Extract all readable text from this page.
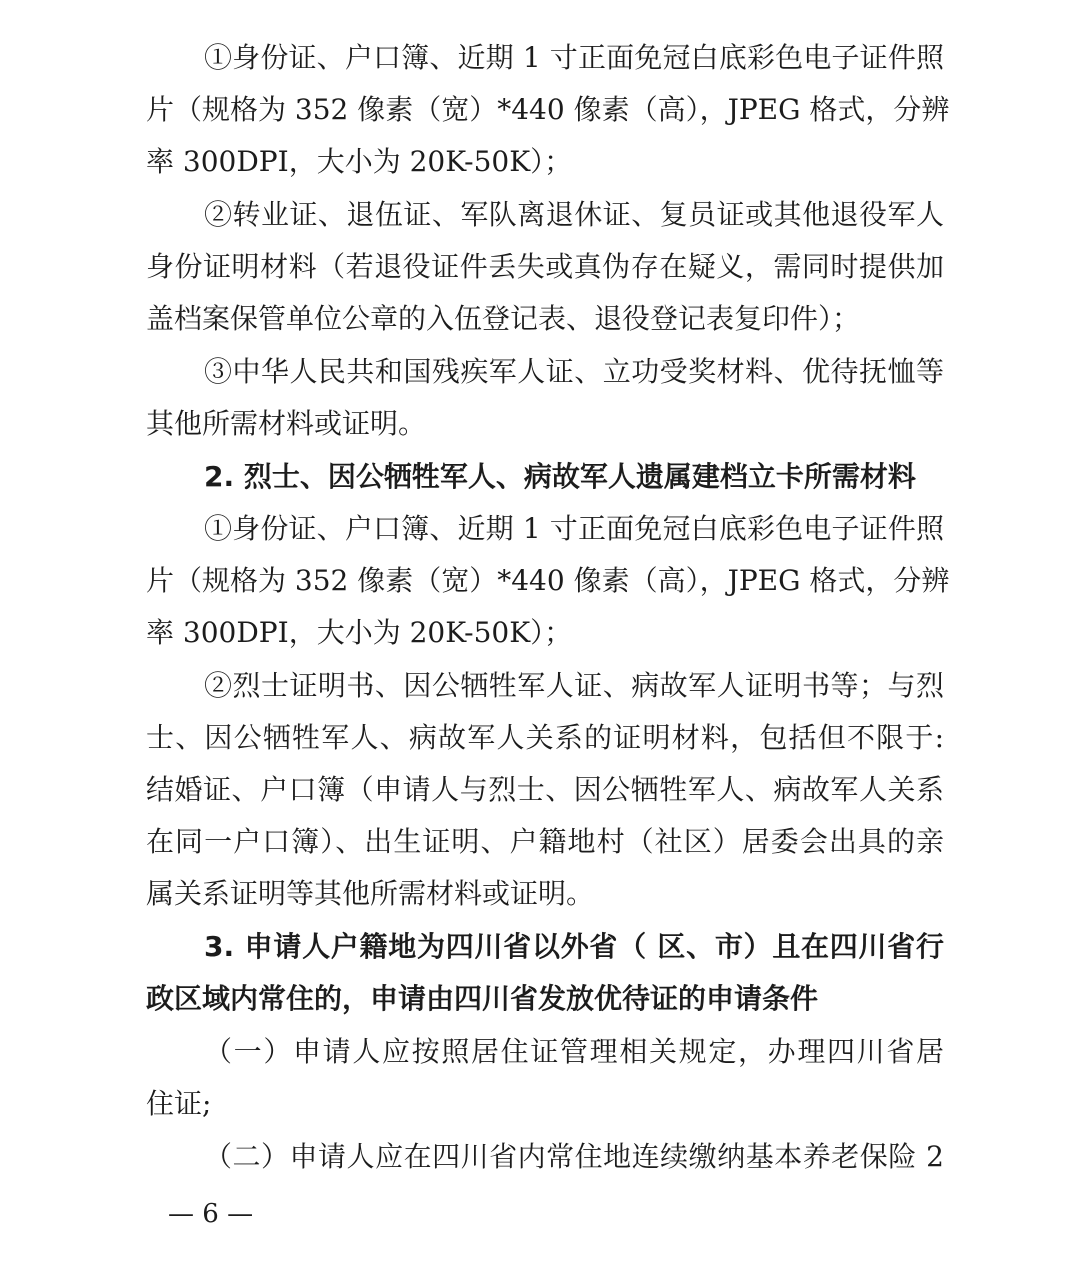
①身份证、户口簿、近期 1 寸正面免冠白底彩色电子证件照
片（规格为 352 像素（宽）*440 像素（高），JPEG 格式，分辨
率 300DPI，大小为 20K-50K）；
②转业证、退伍证、军队离退休证、复员证或其他退役军人
身份证明材料（若退役证件丢失或真伪存在疑义，需同时提供加
盖档案保管单位公章的入伍登记表、退役登记表复印件）；
③中华人民共和国残疾军人证、立功受奖材料、优待抚恤等
其他所需材料或证明。
2. 烈士、因公牺牲军人、病故军人遗属建档立卡所需材料
①身份证、户口簿、近期 1 寸正面免冠白底彩色电子证件照
片（规格为 352 像素（宽）*440 像素（高），JPEG 格式，分辨
率 300DPI，大小为 20K-50K）；
②烈士证明书、因公牺牲军人证、病故军人证明书等；与烈
士、因公牺牲军人、病故军人关系的证明材料，包括但不限于:
结婚证、户口簿（申请人与烈士、因公牺牲军人、病故军人关系
在同一户口簿）、出生证明、户籍地村（社区）居委会出具的亲
属关系证明等其他所需材料或证明。
3. 申请人户籍地为四川省以外省（ 区、市）且在四川省行
政区域内常住的，申请由四川省发放优待证的申请条件
（一）申请人应按照居住证管理相关规定，办理四川省居
住证;
（二）申请人应在四川省内常住地连续缴纳基本养老保险 2
— 6 —
